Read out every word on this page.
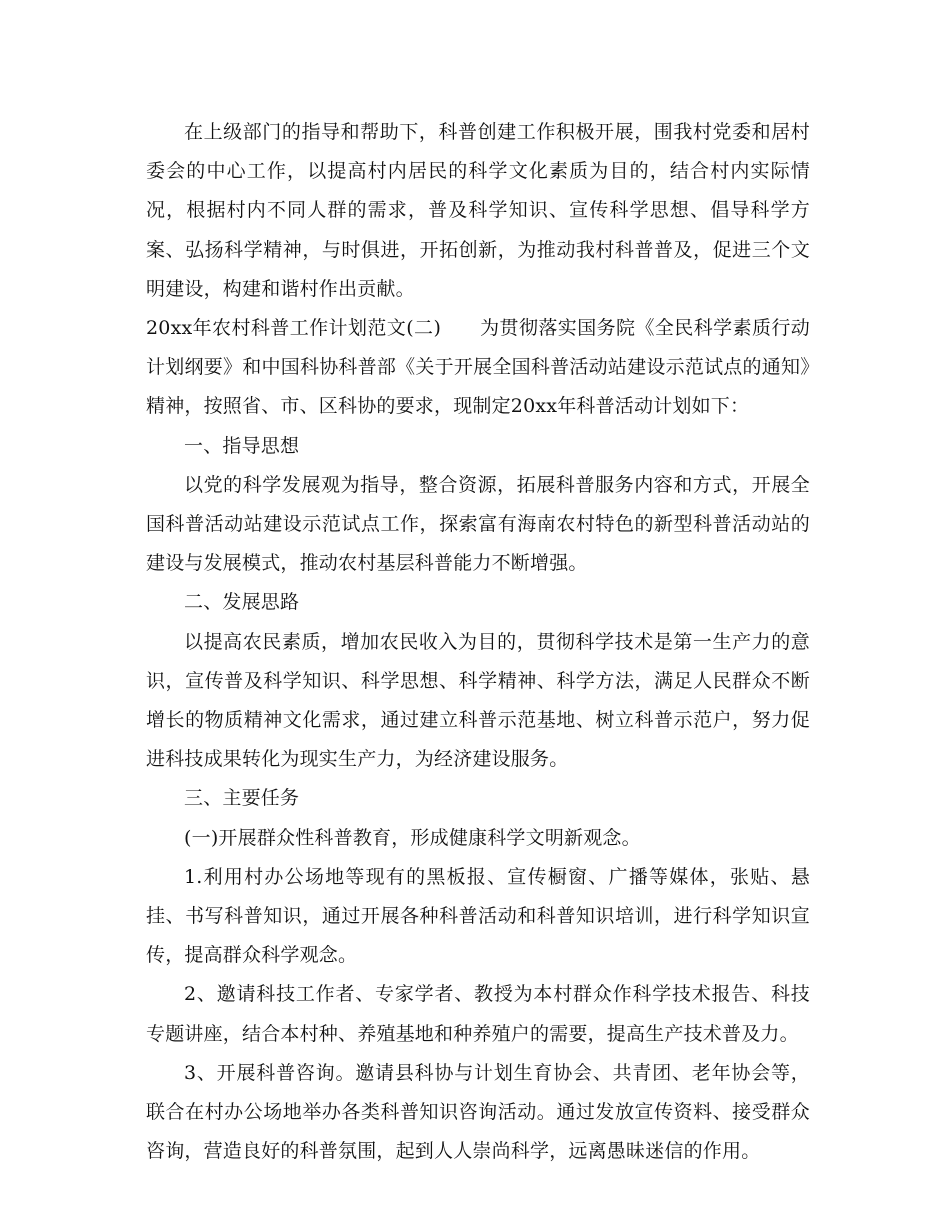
在上级部门的指导和帮助下，科普创建工作积极开展，围我村党委和居村委会的中心工作，以提高村内居民的科学文化素质为目的，结合村内实际情况，根据村内不同人群的需求，普及科学知识、宣传科学思想、倡导科学方案、弘扬科学精神，与时俱进，开拓创新，为推动我村科普普及，促进三个文明建设，构建和谐村作出贡献。

20xx年农村科普工作计划范文(二)　　为贯彻落实国务院《全民科学素质行动计划纲要》和中国科协科普部《关于开展全国科普活动站建设示范试点的通知》精神，按照省、市、区科协的要求，现制定20xx年科普活动计划如下：

一、指导思想

以党的科学发展观为指导，整合资源，拓展科普服务内容和方式，开展全国科普活动站建设示范试点工作，探索富有海南农村特色的新型科普活动站的建设与发展模式，推动农村基层科普能力不断增强。

二、发展思路

以提高农民素质，增加农民收入为目的，贯彻科学技术是第一生产力的意识，宣传普及科学知识、科学思想、科学精神、科学方法，满足人民群众不断增长的物质精神文化需求，通过建立科普示范基地、树立科普示范户，努力促进科技成果转化为现实生产力，为经济建设服务。

三、主要任务

(一)开展群众性科普教育，形成健康科学文明新观念。

1.利用村办公场地等现有的黑板报、宣传橱窗、广播等媒体，张贴、悬挂、书写科普知识，通过开展各种科普活动和科普知识培训，进行科学知识宣传，提高群众科学观念。

2、邀请科技工作者、专家学者、教授为本村群众作科学技术报告、科技专题讲座，结合本村种、养殖基地和种养殖户的需要，提高生产技术普及力。

3、开展科普咨询。邀请县科协与计划生育协会、共青团、老年协会等，联合在村办公场地举办各类科普知识咨询活动。通过发放宣传资料、接受群众咨询，营造良好的科普氛围，起到人人崇尚科学，远离愚昧迷信的作用。
